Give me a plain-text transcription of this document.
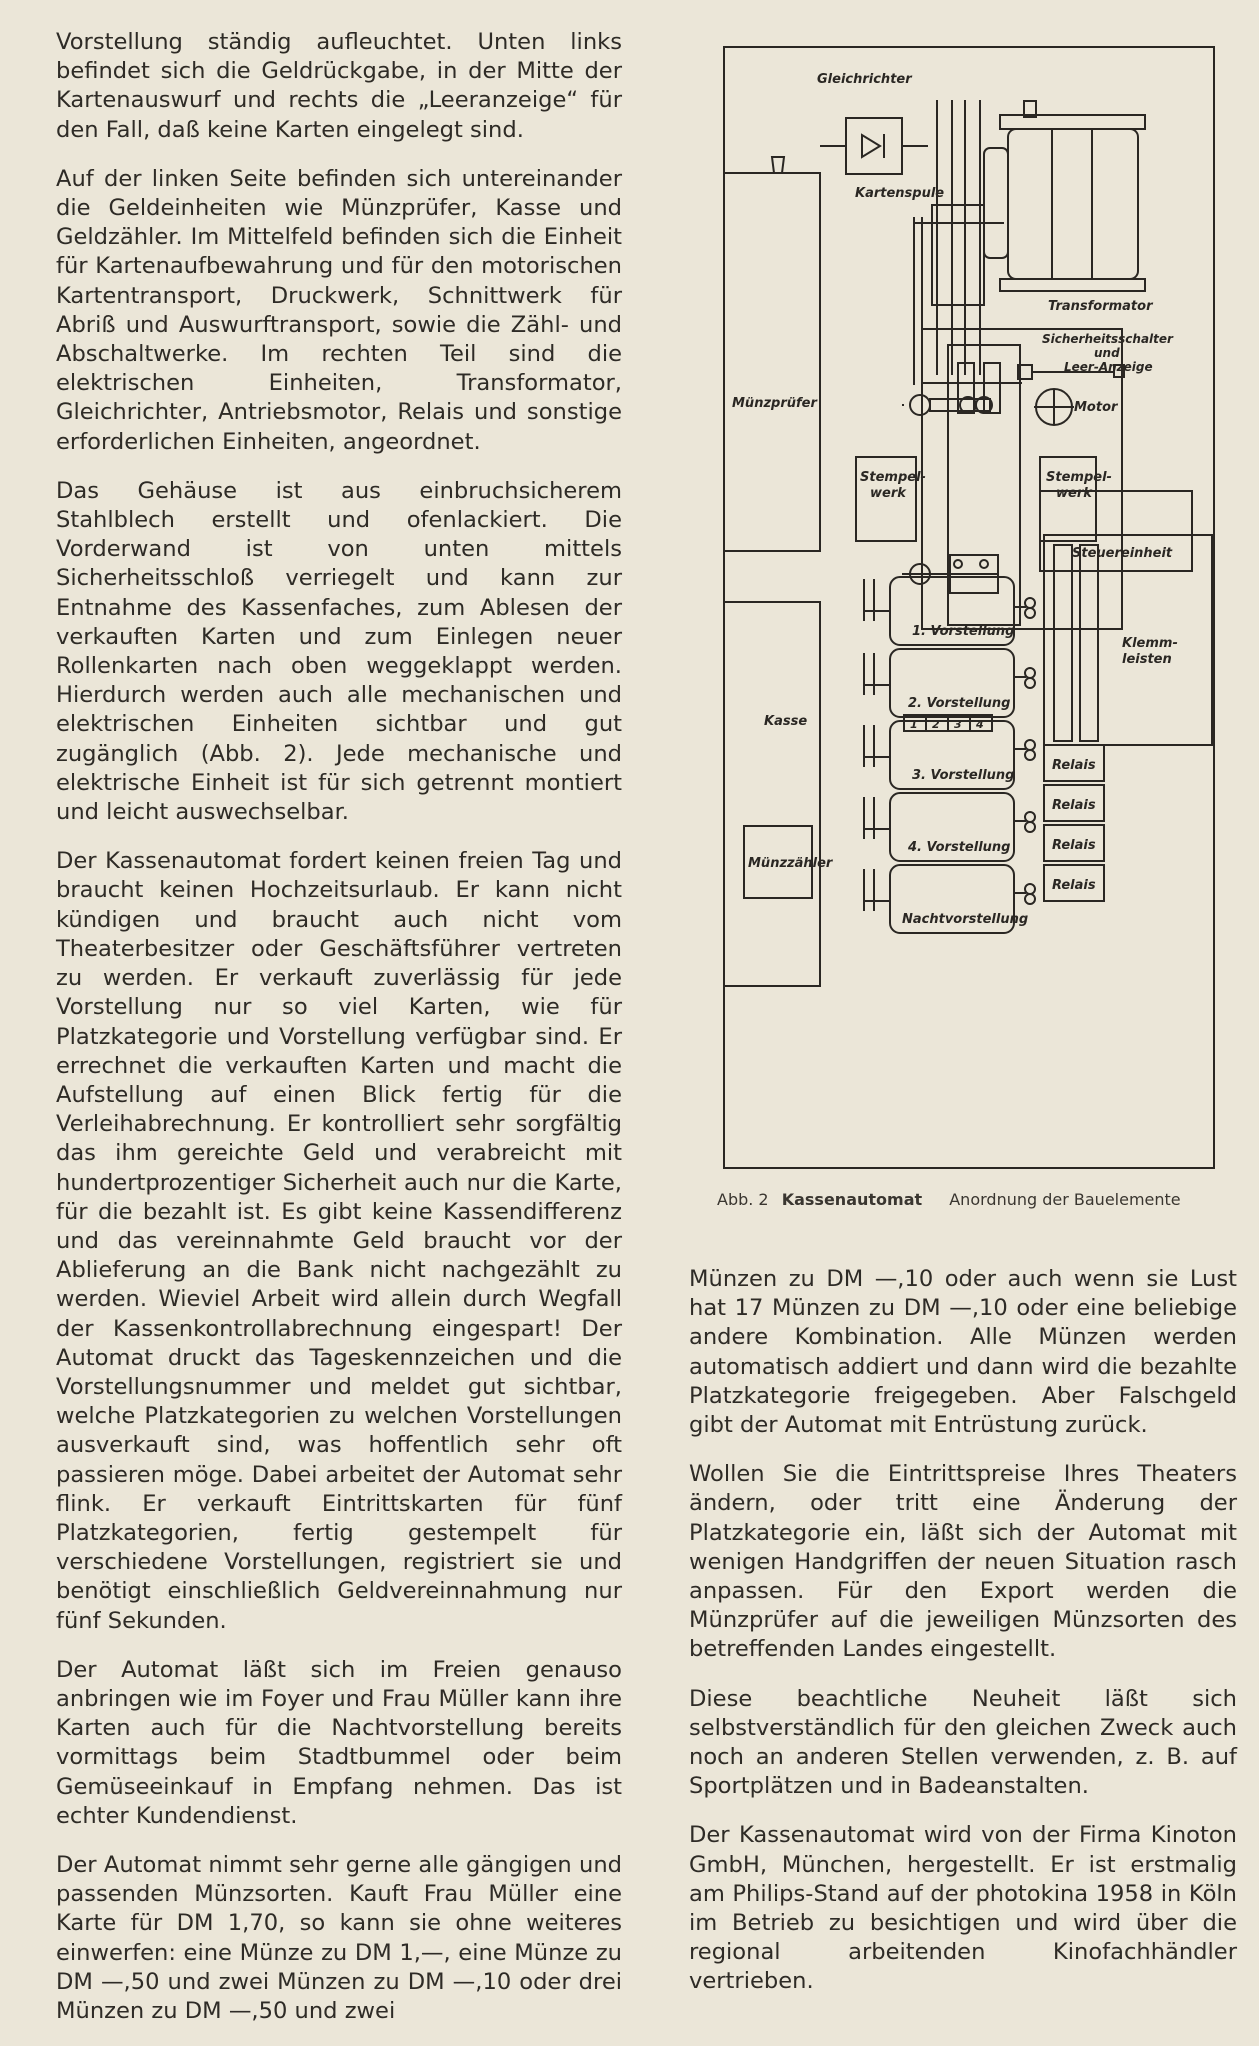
Vorstellung ständig aufleuchtet. Unten links befindet sich die Geldrückgabe, in der Mitte der Kartenauswurf und rechts die „Leeranzeige“ für den Fall, daß keine Karten eingelegt sind.

Auf der linken Seite befinden sich untereinander die Geldeinheiten wie Münzprüfer, Kasse und Geldzähler. Im Mittelfeld befinden sich die Einheit für Kartenaufbewahrung und für den motorischen Kartentransport, Druckwerk, Schnittwerk für Abriß und Auswurftransport, sowie die Zähl- und Abschaltwerke. Im rechten Teil sind die elektrischen Einheiten, Transformator, Gleichrichter, Antriebsmotor, Relais und sonstige erforderlichen Einheiten, angeordnet.

Das Gehäuse ist aus einbruchsicherem Stahlblech erstellt und ofenlackiert. Die Vorderwand ist von unten mittels Sicherheitsschloß verriegelt und kann zur Entnahme des Kassenfaches, zum Ablesen der verkauften Karten und zum Einlegen neuer Rollenkarten nach oben weggeklappt werden. Hierdurch werden auch alle mechanischen und elektrischen Einheiten sichtbar und gut zugänglich (Abb. 2). Jede mechanische und elektrische Einheit ist für sich getrennt montiert und leicht auswechselbar.

Der Kassenautomat fordert keinen freien Tag und braucht keinen Hochzeitsurlaub. Er kann nicht kündigen und braucht auch nicht vom Theaterbesitzer oder Geschäftsführer vertreten zu werden. Er verkauft zuverlässig für jede Vorstellung nur so viel Karten, wie für Platzkategorie und Vorstellung verfügbar sind. Er errechnet die verkauften Karten und macht die Aufstellung auf einen Blick fertig für die Verleihabrechnung. Er kontrolliert sehr sorgfältig das ihm gereichte Geld und verabreicht mit hundertprozentiger Sicherheit auch nur die Karte, für die bezahlt ist. Es gibt keine Kassendifferenz und das vereinnahmte Geld braucht vor der Ablieferung an die Bank nicht nachgezählt zu werden. Wieviel Arbeit wird allein durch Wegfall der Kassenkontrollabrechnung eingespart! Der Automat druckt das Tageskennzeichen und die Vorstellungsnummer und meldet gut sichtbar, welche Platzkategorien zu welchen Vorstellungen ausverkauft sind, was hoffentlich sehr oft passieren möge. Dabei arbeitet der Automat sehr flink. Er verkauft Eintrittskarten für fünf Platzkategorien, fertig gestempelt für verschiedene Vorstellungen, registriert sie und benötigt einschließlich Geldvereinnahmung nur fünf Sekunden.

Der Automat läßt sich im Freien genauso anbringen wie im Foyer und Frau Müller kann ihre Karten auch für die Nachtvorstellung bereits vormittags beim Stadtbummel oder beim Gemüseeinkauf in Empfang nehmen. Das ist echter Kundendienst.

Der Automat nimmt sehr gerne alle gängigen und passenden Münzsorten. Kauft Frau Müller eine Karte für DM 1,70, so kann sie ohne weiteres einwerfen: eine Münze zu DM 1,—, eine Münze zu DM —,50 und zwei Münzen zu DM —,10 oder drei Münzen zu DM —,50 und zwei

Gleichrichter
Kartenspule
Transformator
Sicherheitsschalter
und
Leer-Anzeige
Motor
Münzprüfer
Stempel-
werk
Stempel-
werk
Steuereinheit
Kasse
Münzzähler
1. Vorstellung
2. Vorstellung
3. Vorstellung
4. Vorstellung
Nachtvorstellung
Klemm-
leisten
Relais
Relais
Relais
Relais
1 2 3 4
Abb. 2 Kassenautomat Anordnung der Bauelemente

Münzen zu DM —,10 oder auch wenn sie Lust hat 17 Münzen zu DM —,10 oder eine beliebige andere Kombination. Alle Münzen werden automatisch addiert und dann wird die bezahlte Platzkategorie freigegeben. Aber Falschgeld gibt der Automat mit Entrüstung zurück.

Wollen Sie die Eintrittspreise Ihres Theaters ändern, oder tritt eine Änderung der Platzkategorie ein, läßt sich der Automat mit wenigen Handgriffen der neuen Situation rasch anpassen. Für den Export werden die Münzprüfer auf die jeweiligen Münzsorten des betreffenden Landes eingestellt.

Diese beachtliche Neuheit läßt sich selbstverständlich für den gleichen Zweck auch noch an anderen Stellen verwenden, z. B. auf Sportplätzen und in Badeanstalten.

Der Kassenautomat wird von der Firma Kinoton GmbH, München, hergestellt. Er ist erstmalig am Philips-Stand auf der photokina 1958 in Köln im Betrieb zu besichtigen und wird über die regional arbeitenden Kinofachhändler vertrieben.
